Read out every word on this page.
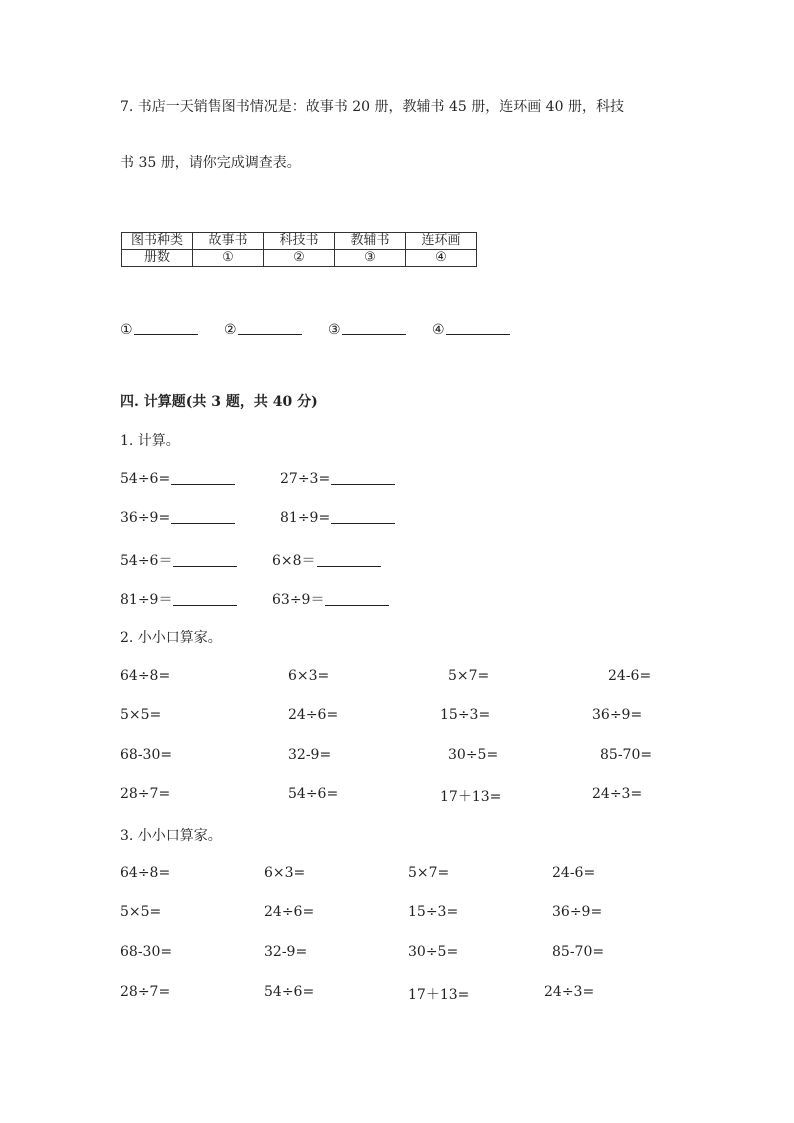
7. 书店一天销售图书情况是：故事书 20 册，教辅书 45 册，连环画 40 册，科技
书 35 册，请你完成调查表。
图书种类	故事书	科技书	教辅书	连环画
册数	①	②	③	④
①	②	③	④
四. 计算题(共 3 题，共 40 分)
1. 计算。
54÷6=	27÷3=
36÷9=	81÷9=
54÷6＝	6×8＝
81÷9＝	63÷9＝
2. 小小口算家。
64÷8=	6×3=	5×7=	24-6=
5×5=	24÷6=	15÷3=	36÷9=
68-30=	32-9=	30÷5=	85-70=
28÷7=	54÷6=	17＋13=	24÷3=
3. 小小口算家。
64÷8=	6×3=	5×7=	24-6=
5×5=	24÷6=	15÷3=	36÷9=
68-30=	32-9=	30÷5=	85-70=
28÷7=	54÷6=	17＋13=	24÷3=
